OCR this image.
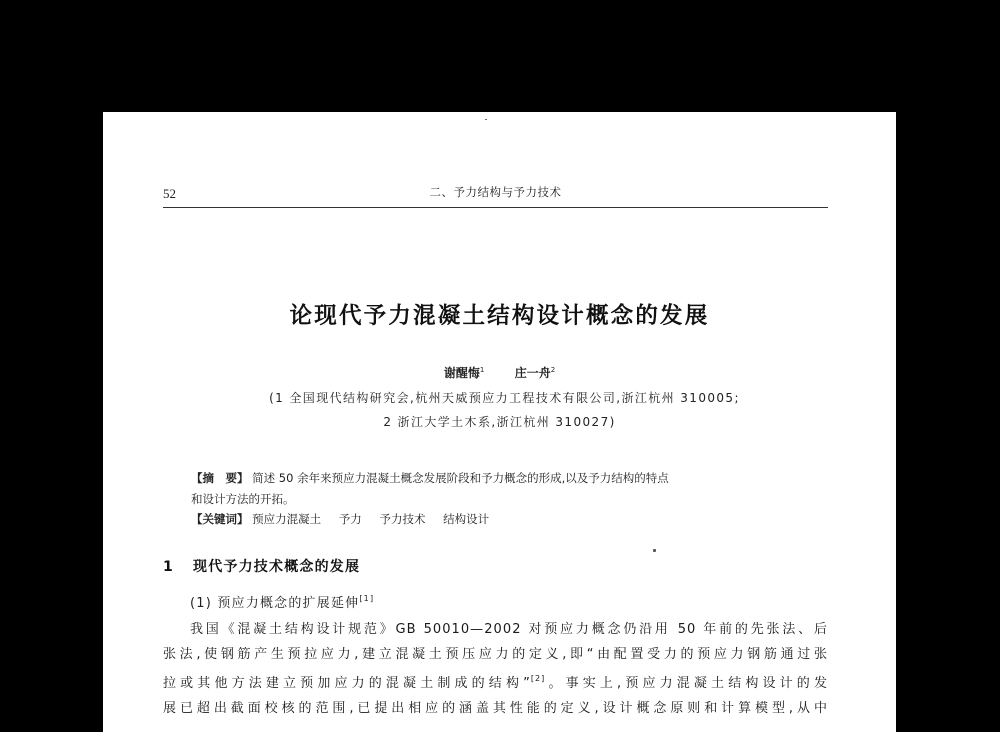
52	二、予力结构与予力技术
论现代予力混凝土结构设计概念的发展
谢醒悔$^1$	庄一舟$^2$
(1 全国现代结构研究会,杭州天威预应力工程技术有限公司,浙江杭州 310005;
2 浙江大学土木系,浙江杭州 310027)

【摘　要】 简述 50 余年来预应力混凝土概念发展阶段和予力概念的形成,以及予力结构的特点

和设计方法的开拓。

【关键词】 预应力混凝土 予力 予力技术 结构设计

1 现代予力技术概念的发展
(1) 预应力概念的扩展延伸[1]
我国《混凝土结构设计规范》GB 50010—2002 对预应力概念仍沿用 50 年前的先张法、后
张法,使钢筋产生预拉应力,建立混凝土预压应力的定义,即“由配置受力的预应力钢筋通过张
拉或其他方法建立预加应力的混凝土制成的结构”[2]。事实上,预应力混凝土结构设计的发
展已超出截面校核的范围,已提出相应的涵盖其性能的定义,设计概念原则和计算模型,从中
